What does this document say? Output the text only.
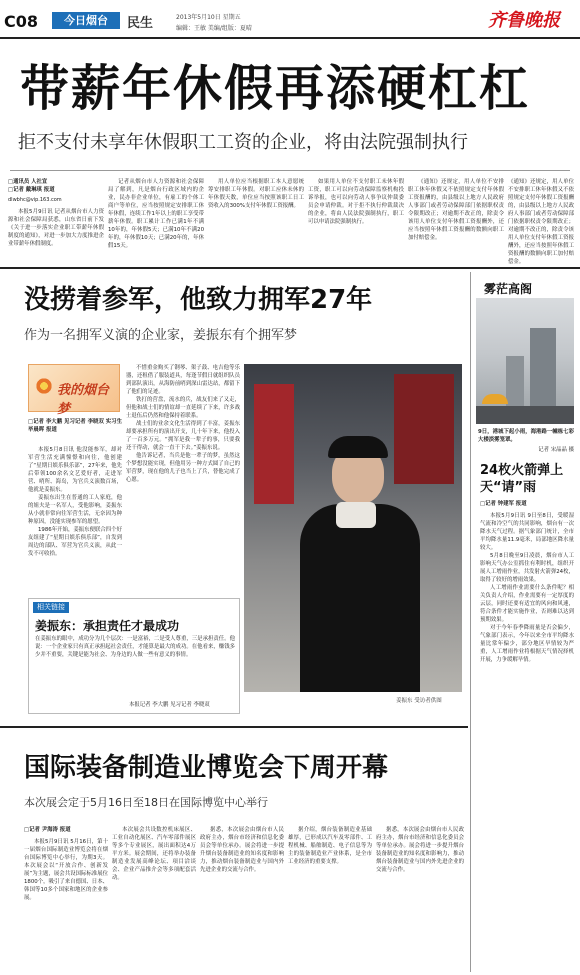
C08	今日烟台	民生	2013年5月10日 星期五
编辑：王敏 美编/组版：夏晴	齐鲁晚报
带薪年休假再添硬杠杠
拒不支付未享年休假职工工资的企业，将由法院强制执行
□通讯员 人社宣
□记者 戴琳琪 报道
dlwbhc@vip.163.com

本报5月9日讯 记者从烟台市人力资源和社会保障局获悉，山东省日前下发《关于进一步落实企业职工带薪年休假制度的通知》，对进一步加大力度推进企业带薪年休假制度。

记者从烟台市人力资源和社会保障局了解到，凡是烟台行政区域内的企业，民办非企业单位，有雇工的个体工商户等单位，应当按照规定安排职工休年休假，连续工作1年以上的职工享受带薪年休假。职工累计工作已满1年不满10年的，年休假5天；已满10年不满20年的，年休假10天；已满20年的，年休假15天。

用人单位应当根据职工本人意愿统筹安排职工年休假。对职工应休未休的年休假天数，单位应当按照该职工日工资收入的300%支付年休假工资报酬。

如果用人单位不支付职工未休年假工资，职工可以向劳动保障监察机构投诉举报，也可以向劳动人事争议仲裁委员会申请仲裁。对于拒不执行仲裁裁决的企业，将由人民法院强制执行，职工可以申请法院强制执行。

《通知》还规定，用人单位不安排职工休年休假又不依照规定支付年休假工资报酬的，由县级以上地方人民政府人事部门或者劳动保障部门依据职权责令限期改正；对逾期不改正的，除责令该用人单位支付年休假工资报酬外，还应当按照年休假工资报酬的数额向职工加付赔偿金。

《通知》还规定，用人单位不安排职工休年休假又不依照规定支付年休假工资报酬的，由县级以上地方人民政府人事部门或者劳动保障部门依据职权责令限期改正；对逾期不改正的，除责令该用人单位支付年休假工资报酬外，还应当按照年休假工资报酬的数额向职工加付赔偿金。

没捞着参军，他致力拥军27年
作为一名拥军义演的企业家，姜振东有个拥军梦
我的烟台梦
□记者 李大鹏 见习记者 李晓双 实习生 毕晨晖 报道

本报5月8日讯 他没能参军，却对军营生活充满憧憬和向往，他创建了“星期日娱乐俱乐部”，27年来，他先后带领100余名文艺爱好者，走进军营、哨所、海岛，为官兵义演数百场，他就是姜振东。

姜振东出生在普通的工人家庭，他的姐夫是一名军人，受他影响，姜振东从小就非常向往军营生活，无奈因为种种原因，没能实现参军的愿望。

1986年开始，姜振东便联合四个好友组建了“星期日娱乐俱乐部”，自发到周边的部队、军营为官兵义演，从此一发不可收拾。

不惜重金购买了钢琴、架子鼓、电吉他等乐器，还租借了服装道具，每逢节假日就组织队员到部队演出，从海防前哨到深山雷达站，都留下了他们的足迹。

铁打的营盘，流水的兵，战友们来了又走，但他和战士们的情谊却一直延续了下来，许多战士退伍后仍然和他保持着联系。

战士们的业余文化生活得到了丰富，姜振东却要承担所有的演出开支，几十年下来，他投入了一百多万元。“拥军是我一辈子的事，只要我还干得动，就会一直干下去。”姜振东说。

他告诉记者，当兵是他一辈子的梦，虽然这个梦想没能实现，但他用另一种方式圆了自己的军营梦，现在他的儿子也当上了兵，替他完成了心愿。

相关链接
姜振东：承担责任才最成功
在姜振东的眼中，成功分为几个层次：一是富裕，二是受人尊重，三是承担责任。他说：一个企业家只有真正承担起社会责任，才能算是最大的成功。在他看来，赚钱多少并不重要，关键是能为社会、为身边的人做一些有意义的事情。
本报记者 李大鹏 见习记者 李晓双
姜振东 受访者供图
国际装备制造业博览会下周开幕
本次展会定于5月16日至18日在国际博览中心举行
□记者 尹海涛 报道

本报5月9日讯 5月16日，第十一届烟台国际制造业博览会将在烟台国际博览中心举行，为期3天。本次展会以“开放合作、创新发展”为主题，展会共设国际标准展位1800个，吸引了来自德国、日本、韩国等10多个国家和地区的企业参展。

本次展会共设数控机床展区、工业自动化展区、汽车零部件展区等多个专业展区，展出面积达4万平方米。展会期间，还将举办装备制造业发展高峰论坛、项目洽谈会、企业产品推介会等多项配套活动。

据悉，本次展会由烟台市人民政府主办，烟台市经济和信息化委员会等单位承办。展会将进一步提升烟台装备制造业的知名度和影响力，推动烟台装备制造业与国内外先进企业的交流与合作。

据介绍，烟台装备制造业基础雄厚，已形成以汽车及零部件、工程机械、船舶制造、电子信息等为主的装备制造业产业体系，是全市工业经济的重要支撑。

据悉，本次展会由烟台市人民政府主办，烟台市经济和信息化委员会等单位承办。展会将进一步提升烟台装备制造业的知名度和影响力，推动烟台装备制造业与国内外先进企业的交流与合作。

雾茫高阁
9日，港城下起小雨，海港路一幢栋七彩大楼淡雾笼罩。
记者 宋晶晶 摄
24枚火箭弹上天“请”雨
□记者 钟建军 报道

本报5月9日讯 9日至8日，受暖湿气流和冷空气的共同影响，烟台有一次降水天气过程。据气象部门统计，全市平均降水量11.9毫米，局部地区降水量较大。

5月8日晚至9日凌晨，烟台市人工影响天气办公室抓住有利时机，组织开展人工增雨作业，共发射火箭弹24枚，取得了较好的增雨效果。

人工增雨作业需要什么条件呢？相关负责人介绍，作业需要有一定厚度的云层，同时还要有适宜的风向和风速，符合条件才能实施作业，否则难以达到预期效果。

对于今年春季降雨量是否会偏少，气象部门表示，今年以来全市平均降水量比常年偏少，部分地区旱情较为严重，人工增雨作业将根据天气情况择机开展，力争缓解旱情。
